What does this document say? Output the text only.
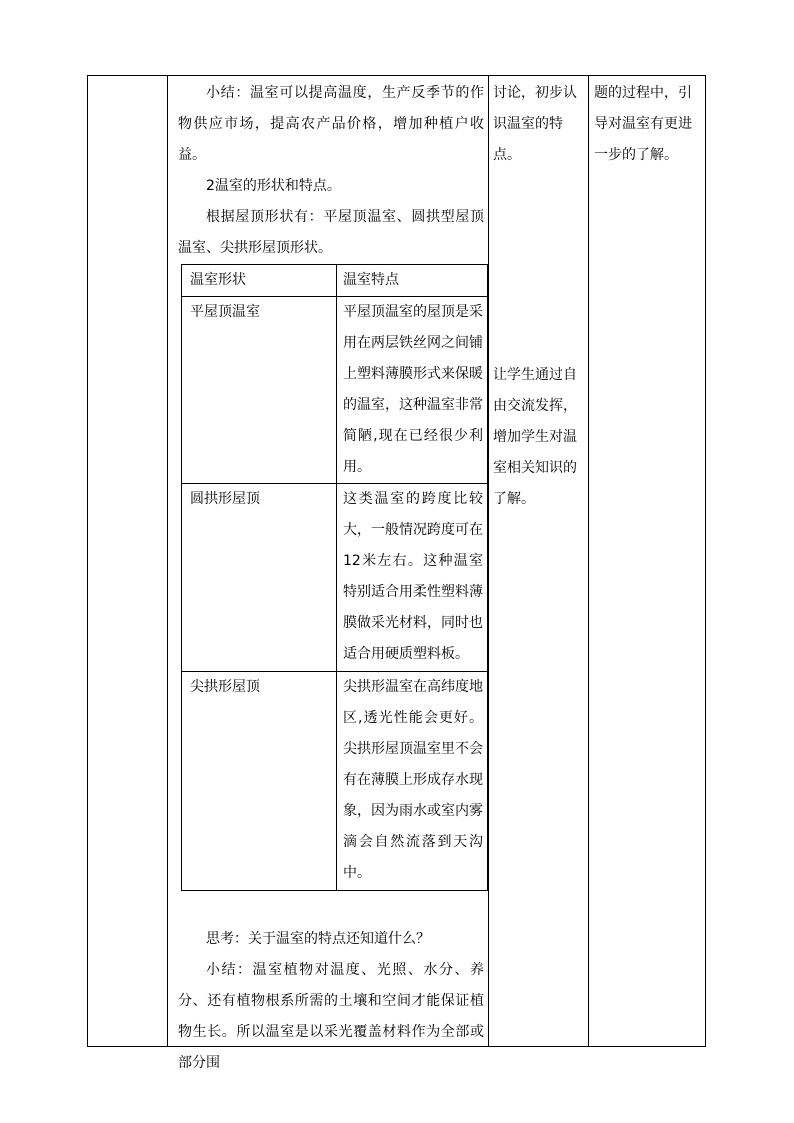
小结：温室可以提高温度，生产反季节的作物供应市场，提高农产品价格，增加种植户收益。
2温室的形状和特点。
根据屋顶形状有：平屋顶温室、圆拱型屋顶温室、尖拱形屋顶形状。
思考：关于温室的特点还知道什么？
小结：温室植物对温度、光照、水分、养分、还有植物根系所需的土壤和空间才能保证植物生长。所以温室是以采光覆盖材料作为全部或部分围
温室形状	温室特点
平屋顶温室	平屋顶温室的屋顶是采用在两层铁丝网之间铺上塑料薄膜形式来保暖的温室，这种温室非常简陋,现在已经很少利用。
圆拱形屋顶	这类温室的跨度比较大，一般情况跨度可在12米左右。这种温室特别适合用柔性塑料薄膜做采光材料，同时也适合用硬质塑料板。
尖拱形屋顶	尖拱形温室在高纬度地区,透光性能会更好。尖拱形屋顶温室里不会有在薄膜上形成存水现象，因为雨水或室内雾滴会自然流落到天沟中。
讨论，初步认识温室的特点。
让学生通过自由交流发挥，增加学生对温室相关知识的了解。
题的过程中，引导对温室有更进一步的了解。
